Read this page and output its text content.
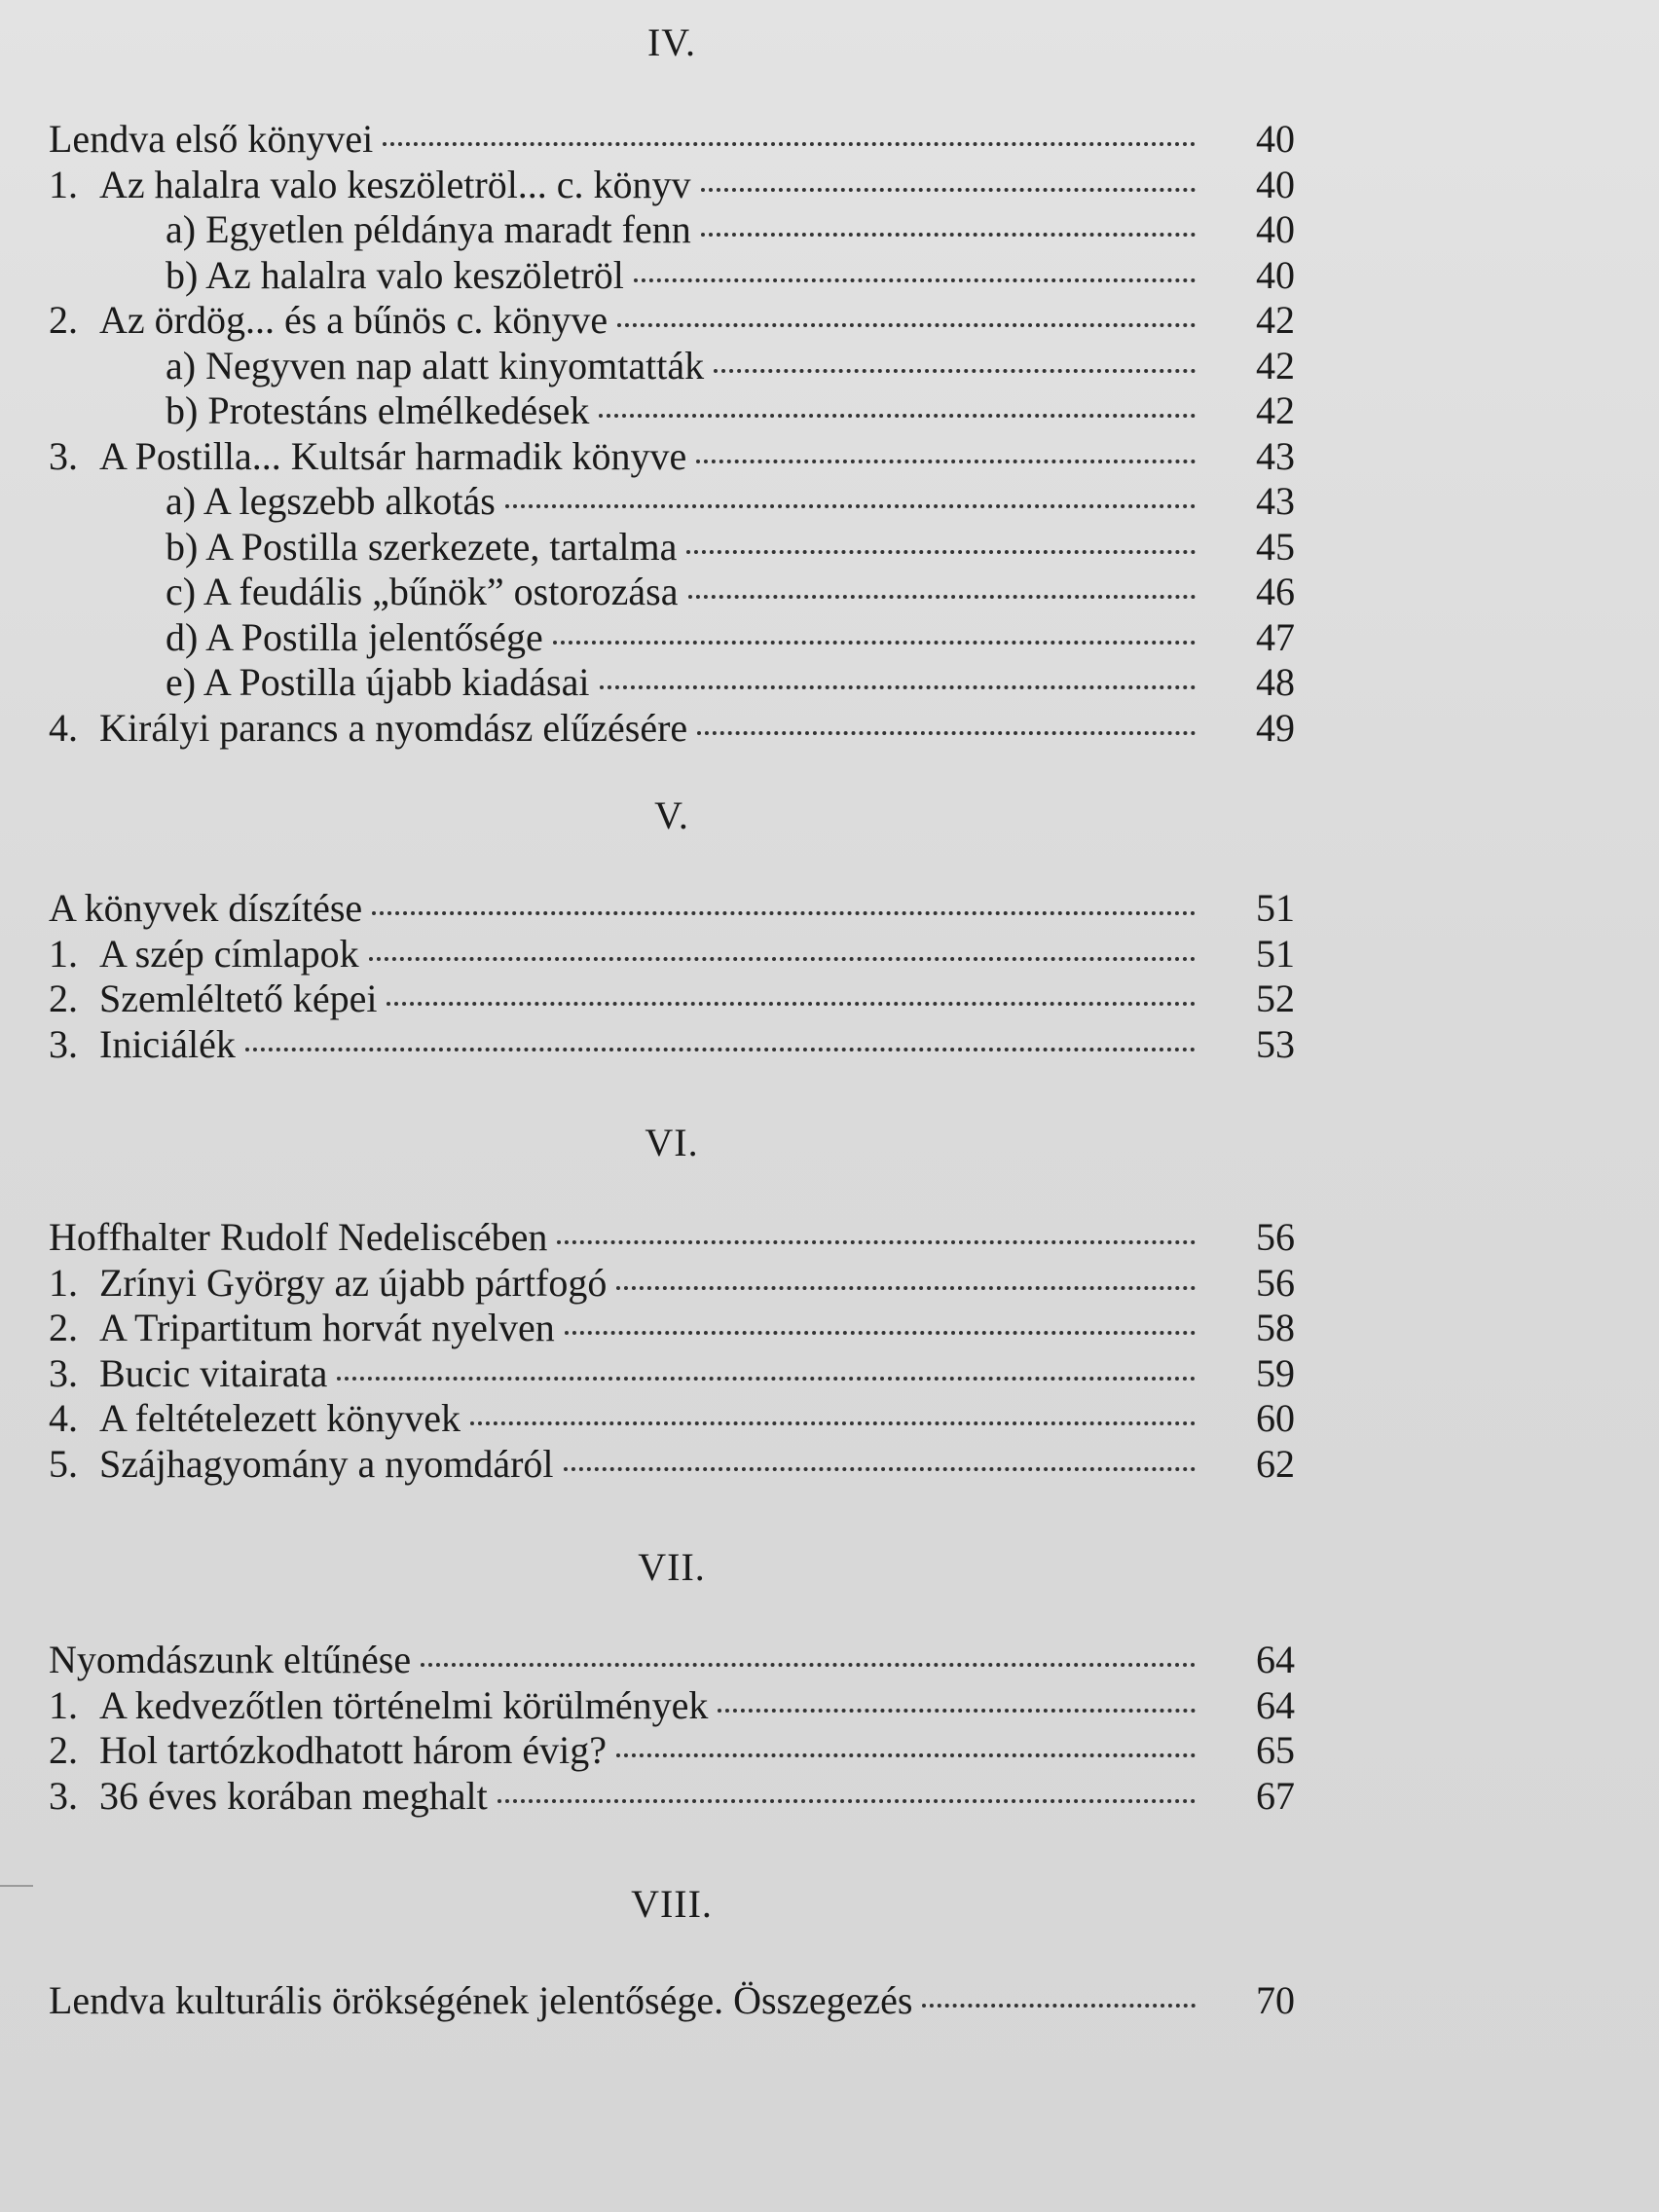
IV.
Lendva első könyvei	40
1. Az halalra valo keszöletröl... c. könyv	40
a) Egyetlen példánya maradt fenn	40
b) Az halalra valo keszöletröl	40
2. Az ördög... és a bűnös c. könyve	42
a) Negyven nap alatt kinyomtatták	42
b) Protestáns elmélkedések	42
3. A Postilla... Kultsár harmadik könyve	43
a) A legszebb alkotás	43
b) A Postilla szerkezete, tartalma	45
c) A feudális „bűnök” ostorozása	46
d) A Postilla jelentősége	47
e) A Postilla újabb kiadásai	48
4. Királyi parancs a nyomdász elűzésére	49
V.
A könyvek díszítése	51
1. A szép címlapok	51
2. Szemléltető képei	52
3. Iniciálék	53
VI.
Hoffhalter Rudolf Nedeliscében	56
1. Zrínyi György az újabb pártfogó	56
2. A Tripartitum horvát nyelven	58
3. Bucic vitairata	59
4. A feltételezett könyvek	60
5. Szájhagyomány a nyomdáról	62
VII.
Nyomdászunk eltűnése	64
1. A kedvezőtlen történelmi körülmények	64
2. Hol tartózkodhatott három évig?	65
3. 36 éves korában meghalt	67
VIII.
Lendva kulturális örökségének jelentősége. Összegezés	70
